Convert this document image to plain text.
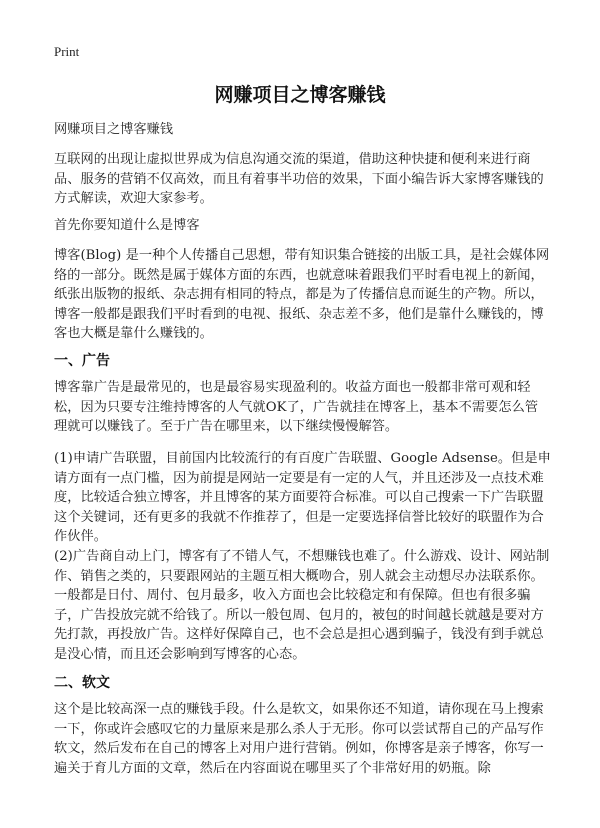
Print
网赚项目之博客赚钱

网赚项目之博客赚钱

互联网的出现让虚拟世界成为信息沟通交流的渠道，借助这种快捷和便利来进行商品、服务的营销不仅高效，而且有着事半功倍的效果，下面小编告诉大家博客赚钱的方式解读，欢迎大家参考。

首先你要知道什么是博客

博客(Blog) 是一种个人传播自己思想，带有知识集合链接的出版工具，是社会媒体网络的一部分。既然是属于媒体方面的东西，也就意味着跟我们平时看电视上的新闻，纸张出版物的报纸、杂志拥有相同的特点，都是为了传播信息而诞生的产物。所以，博客一般都是跟我们平时看到的电视、报纸、杂志差不多，他们是靠什么赚钱的，博客也大概是靠什么赚钱的。

一、广告

博客靠广告是最常见的，也是最容易实现盈利的。收益方面也一般都非常可观和轻松，因为只要专注维持博客的人气就OK了，广告就挂在博客上，基本不需要怎么管理就可以赚钱了。至于广告在哪里来，以下继续慢慢解答。

(1)申请广告联盟，目前国内比较流行的有百度广告联盟、Google Adsense。但是申请方面有一点门槛，因为前提是网站一定要是有一定的人气，并且还涉及一点技术难度，比较适合独立博客，并且博客的某方面要符合标准。可以自己搜索一下广告联盟这个关键词，还有更多的我就不作推荐了，但是一定要选择信誉比较好的联盟作为合作伙伴。

(2)广告商自动上门，博客有了不错人气，不想赚钱也难了。什么游戏、设计、网站制作、销售之类的，只要跟网站的主题互相大概吻合，别人就会主动想尽办法联系你。一般都是日付、周付、包月最多，收入方面也会比较稳定和有保障。但也有很多骗子，广告投放完就不给钱了。所以一般包周、包月的，被包的时间越长就越是要对方先打款，再投放广告。这样好保障自己，也不会总是担心遇到骗子，钱没有到手就总是没心情，而且还会影响到写博客的心态。

二、软文

这个是比较高深一点的赚钱手段。什么是软文，如果你还不知道，请你现在马上搜索一下，你或许会感叹它的力量原来是那么杀人于无形。你可以尝试帮自己的产品写作软文，然后发布在自己的博客上对用户进行营销。例如，你博客是亲子博客，你写一遍关于育儿方面的文章，然后在内容面说在哪里买了个非常好用的奶瓶。除
